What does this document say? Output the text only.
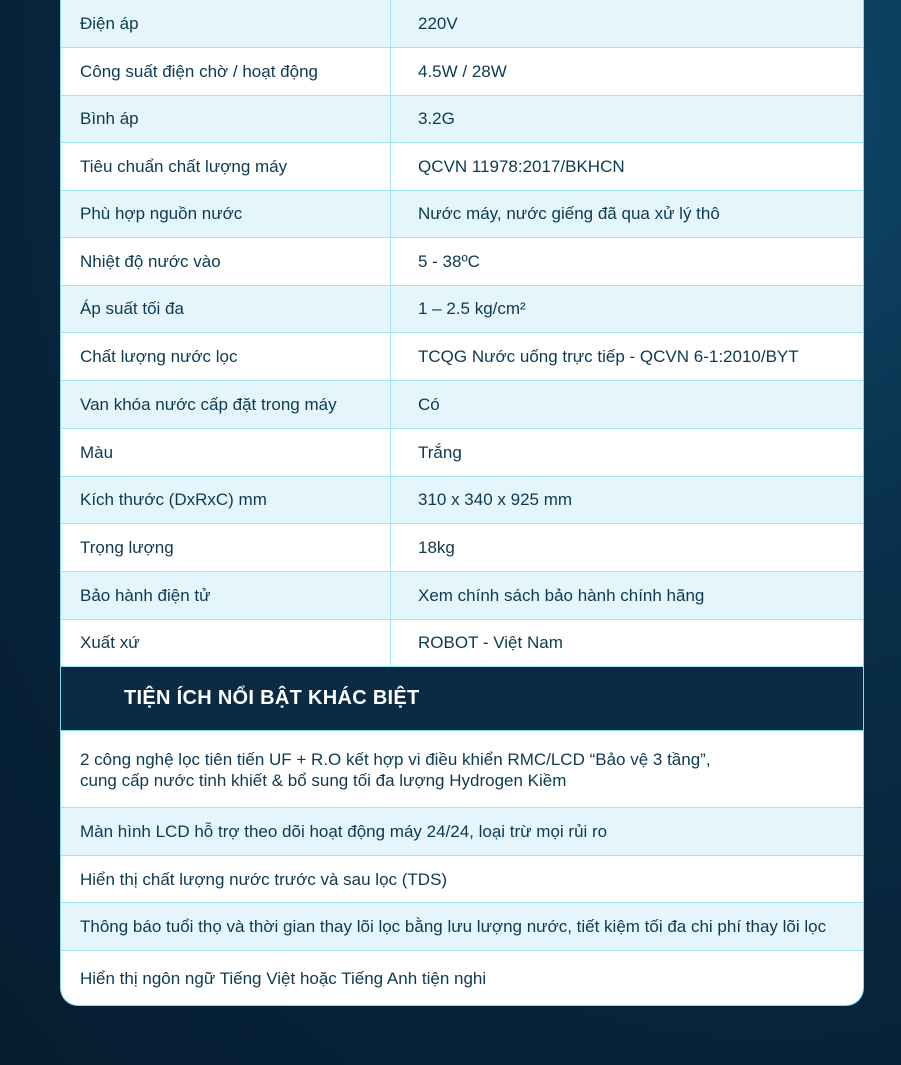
Điện áp	220V
Công suất điện chờ / hoạt động	4.5W / 28W
Bình áp	3.2G
Tiêu chuẩn chất lượng máy	QCVN 11978:2017/BKHCN
Phù hợp nguồn nước	Nước máy, nước giếng đã qua xử lý thô
Nhiệt độ nước vào	5 - 38ºC
Áp suất tối đa	1 – 2.5 kg/cm²
Chất lượng nước lọc	TCQG Nước uống trực tiếp - QCVN 6-1:2010/BYT
Van khóa nước cấp đặt trong máy	Có
Màu	Trắng
Kích thước (DxRxC) mm	310 x 340 x 925 mm
Trọng lượng	18kg
Bảo hành điện tử	Xem chính sách bảo hành chính hãng
Xuất xứ	ROBOT - Việt Nam
TIỆN ÍCH NỔI BẬT KHÁC BIỆT
2 công nghệ lọc tiên tiến UF + R.O kết hợp vi điều khiển RMC/LCD “Bảo vệ 3 tầng”,
cung cấp nước tinh khiết & bổ sung tối đa lượng Hydrogen Kiềm
Màn hình LCD hỗ trợ theo dõi hoạt động máy 24/24, loại trừ mọi rủi ro
Hiển thị chất lượng nước trước và sau lọc (TDS)
Thông báo tuổi thọ và thời gian thay lõi lọc bằng lưu lượng nước, tiết kiệm tối đa chi phí thay lõi lọc
Hiển thị ngôn ngữ Tiếng Việt hoặc Tiếng Anh tiện nghi
